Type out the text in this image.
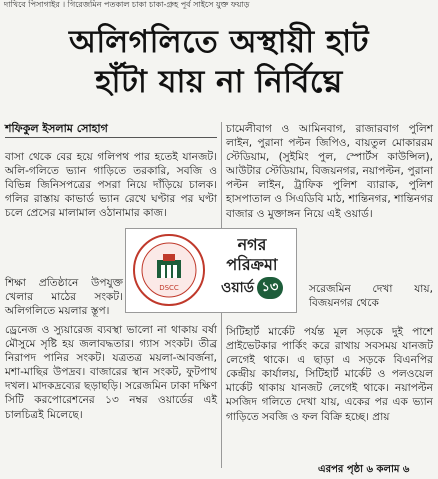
দাখিবে পিসাগাইর । গিরেজমিন পতকাল চাকা চাকা-গ্রুহ পূর্ব সাইসে যুক্ত ফয়াড়
অলিগলিতে অস্থায়ী হাট
হাঁটা যায় না নির্বিঘ্নে
শফিকুল ইসলাম সোহাগ

বাসা থেকে বের হয়ে গলিপথ পার হতেই যানজট। অলি-গলিতে ভ্যান গাড়িতে তরকারি, সবজি ও বিভিন্ন জিনিসপত্রের পসরা নিয়ে দাঁড়িয়ে চালক। গলির রাস্তায় কাভার্ড ভ্যান রেখে ঘণ্টার পর ঘণ্টা চলে প্রেসের মালামাল ওঠানামার কাজ।

শিক্ষা প্রতিষ্ঠানে উপযুক্ত খেলার মাঠের সংকট। অলিগলিতে ময়লার স্তূপ।

ড্রেনেজ ও স্যুয়ারেজ ব্যবস্থা ভালো না থাকায় বর্ষা মৌসুমে সৃষ্টি হয় জলাবদ্ধতার। গ্যাস সংকট। তীব্র নিরাপদ পানির সংকট। যত্রতত্র ময়লা-আবর্জনা, মশা-মাছির উপদ্রব। বাজারের স্থান সংকট, ফুটপাথ দখল। মাদকদ্রব্যের ছড়াছড়ি। সরেজমিন ঢাকা দক্ষিণ সিটি করপোরেশনের ১৩ নম্বর ওয়ার্ডের এই চালচিত্রই মিলেছে।

চামেলীবাগ ও আমিনবাগ, রাজারবাগ পুলিশ লাইন, পুরানা পল্টন জিপিও, বায়তুল মোকাররম স্টেডিয়াম, (সুইমিং পুল, স্পোর্টস কাউন্সিল), আউটার স্টেডিয়াম, বিজয়নগর, নয়াপল্টন, পুরানা পল্টন লাইন, ট্রাফিক পুলিশ ব্যারাক, পুলিশ হাসপাতাল ও সিএডিবি মাঠ, শান্তিনগর, শান্তিনগর বাজার ও মুক্তাঙ্গন নিয়ে এই ওয়ার্ড।

সরেজমিন দেখা যায়, বিজয়নগর থেকে

সিটিহার্ট মার্কেট পর্যন্ত মূল সড়কে দুই পাশে প্রাইভেটকার পার্কিং করে রাখায় সবসময় যানজট লেগেই থাকে। এ ছাড়া এ সড়কে বিএনপির কেন্দ্রীয় কার্যালয়, সিটিহার্ট মার্কেট ও পলওয়েল মার্কেট থাকায় যানজট লেগেই থাকে। নয়াপল্টন মসজিদ গলিতে দেখা যায়, একের পর এক ভ্যান গাড়িতে সবজি ও ফল বিক্রি হচ্ছে। প্রায়

DSCC
নগর
পরিক্রমা
ওয়ার্ড ১৩
এরপর পৃষ্ঠা ৬ কলাম ৬
